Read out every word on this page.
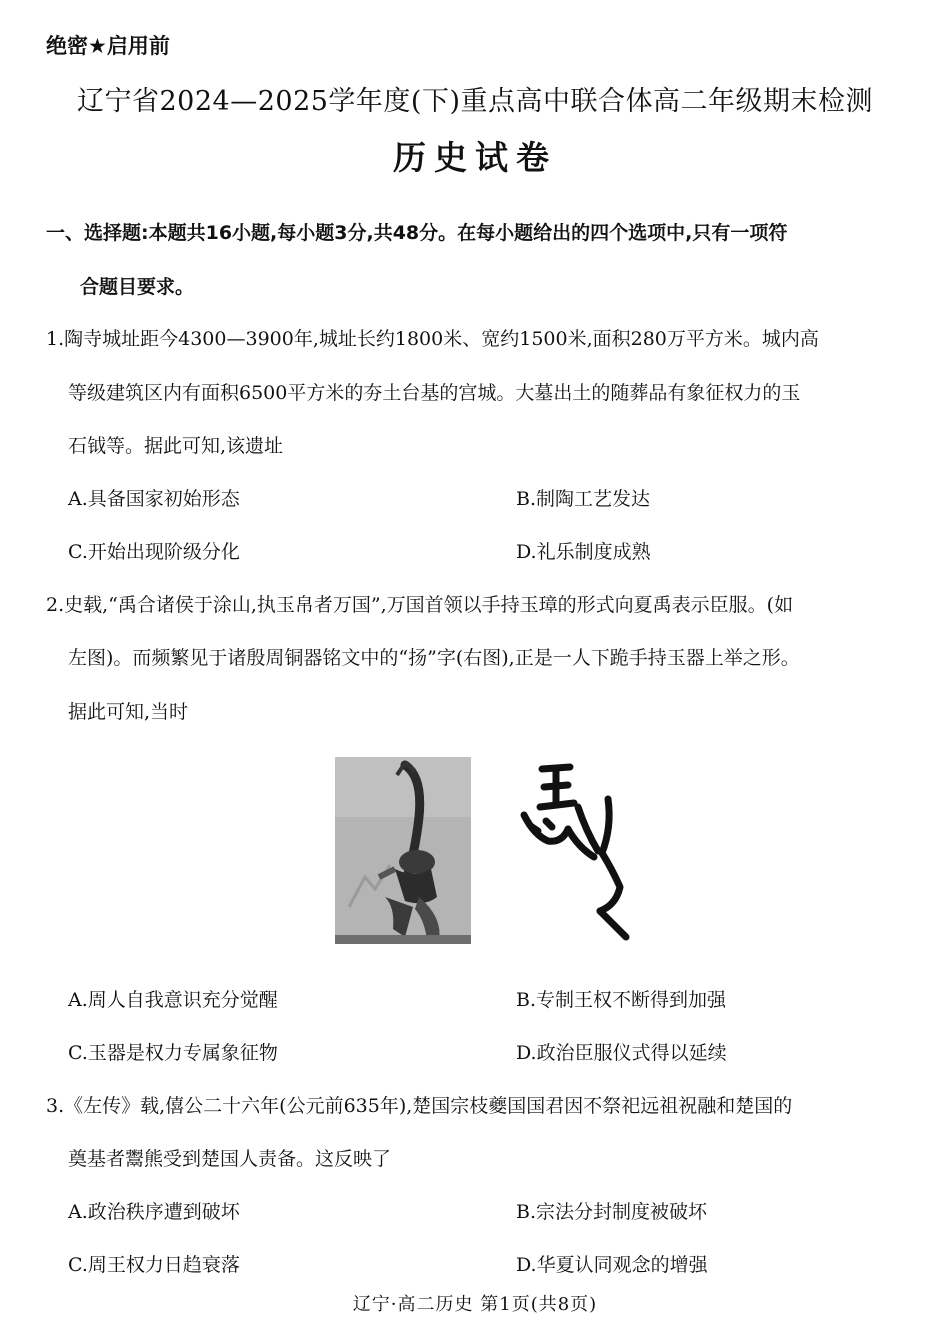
绝密★启用前
辽宁省2024—2025学年度(下)重点高中联合体高二年级期末检测
历史试卷
一、选择题:本题共16小题,每小题3分,共48分。在每小题给出的四个选项中,只有一项符
合题目要求。
1.陶寺城址距今4300—3900年,城址长约1800米、宽约1500米,面积280万平方米。城内高
等级建筑区内有面积6500平方米的夯土台基的宫城。大墓出土的随葬品有象征权力的玉
石钺等。据此可知,该遗址
A.具备国家初始形态	B.制陶工艺发达
C.开始出现阶级分化	D.礼乐制度成熟
2.史载,“禹合诸侯于涂山,执玉帛者万国”,万国首领以手持玉璋的形式向夏禹表示臣服。(如
左图)。而频繁见于诸殷周铜器铭文中的“扬”字(右图),正是一人下跪手持玉器上举之形。
据此可知,当时
A.周人自我意识充分觉醒	B.专制王权不断得到加强
C.玉器是权力专属象征物	D.政治臣服仪式得以延续
3.《左传》载,僖公二十六年(公元前635年),楚国宗枝夔国国君因不祭祀远祖祝融和楚国的
奠基者鬻熊受到楚国人责备。这反映了
A.政治秩序遭到破坏	B.宗法分封制度被破坏
C.周王权力日趋衰落	D.华夏认同观念的增强
辽宁·高二历史 第1页(共8页)
